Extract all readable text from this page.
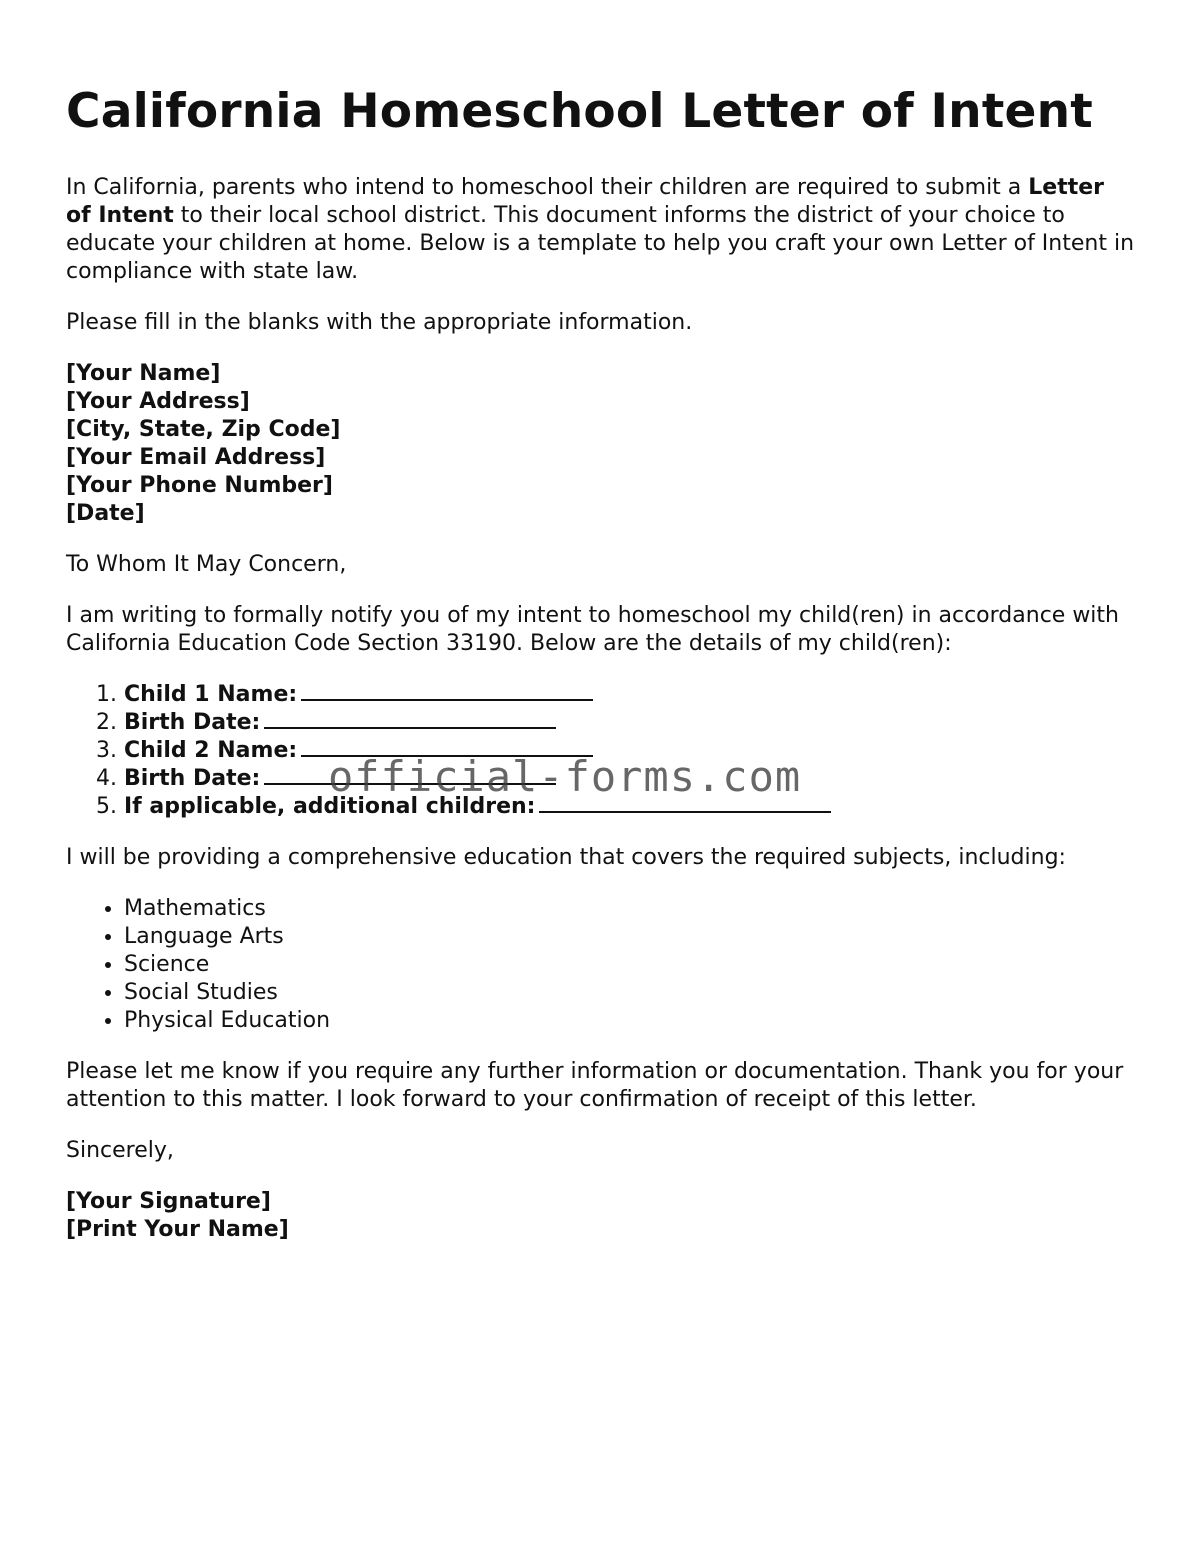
California Homeschool Letter of Intent

In California, parents who intend to homeschool their children are required to submit a Letter of Intent to their local school district. This document informs the district of your choice to educate your children at home. Below is a template to help you craft your own Letter of Intent in compliance with state law.

Please fill in the blanks with the appropriate information.

[Your Name]
[Your Address]
[City, State, Zip Code]
[Your Email Address]
[Your Phone Number]
[Date]

To Whom It May Concern,

I am writing to formally notify you of my intent to homeschool my child(ren) in accordance with California Education Code Section 33190. Below are the details of my child(ren):

1. Child 1 Name:
2. Birth Date:
3. Child 2 Name:
4. Birth Date:
5. If applicable, additional children:

I will be providing a comprehensive education that covers the required subjects, including:

• Mathematics
• Language Arts
• Science
• Social Studies
• Physical Education

Please let me know if you require any further information or documentation. Thank you for your attention to this matter. I look forward to your confirmation of receipt of this letter.

Sincerely,

[Your Signature]
[Print Your Name]
official-forms.com
